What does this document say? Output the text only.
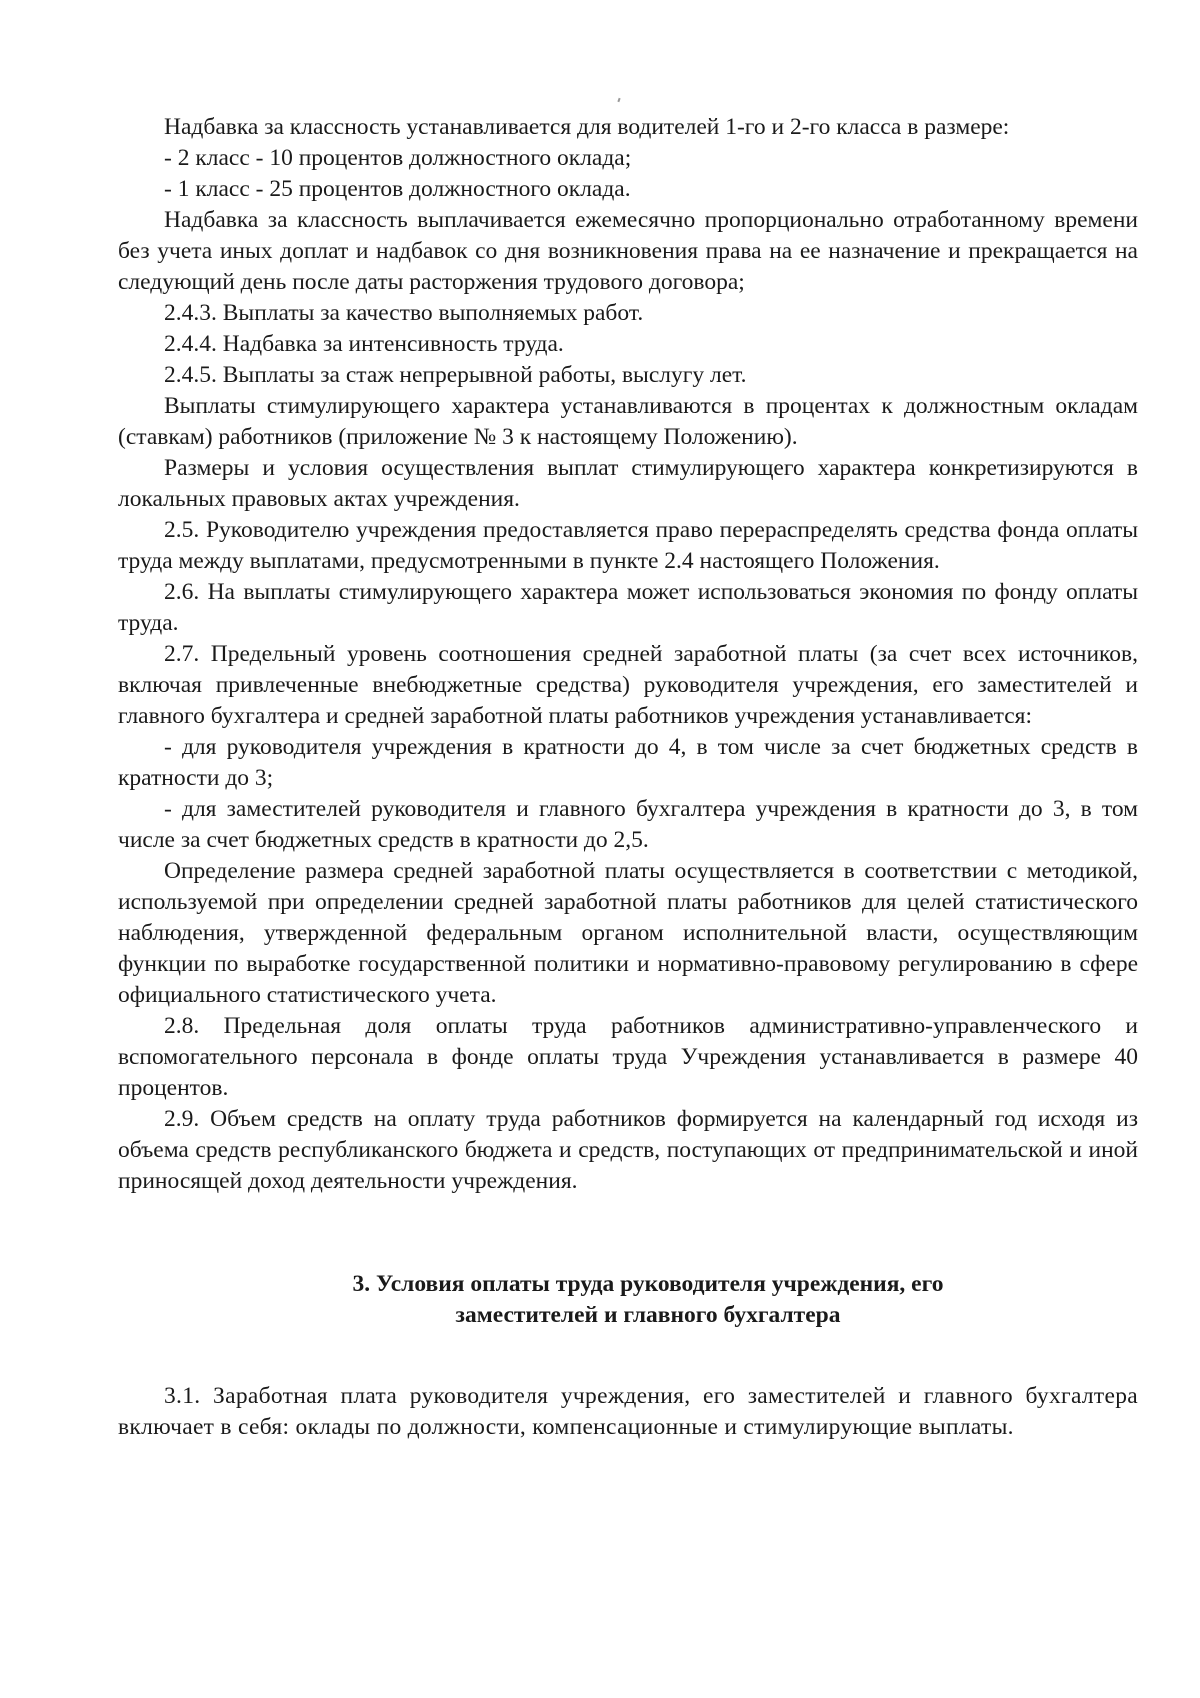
Надбавка за классность устанавливается для водителей 1-го и 2-го класса в размере:

- 2 класс - 10 процентов должностного оклада;

- 1 класс - 25 процентов должностного оклада.

Надбавка за классность выплачивается ежемесячно пропорционально отработанному времени без учета иных доплат и надбавок со дня возникновения права на ее назначение и прекращается на следующий день после даты расторжения трудового договора;

2.4.3. Выплаты за качество выполняемых работ.

2.4.4. Надбавка за интенсивность труда.

2.4.5. Выплаты за стаж непрерывной работы, выслугу лет.

Выплаты стимулирующего характера устанавливаются в процентах к должностным окладам (ставкам) работников (приложение № 3 к настоящему Положению).

Размеры и условия осуществления выплат стимулирующего характера конкретизируются в локальных правовых актах учреждения.

2.5. Руководителю учреждения предоставляется право перераспределять средства фонда оплаты труда между выплатами, предусмотренными в пункте 2.4 настоящего Положения.

2.6. На выплаты стимулирующего характера может использоваться экономия по фонду оплаты труда.

2.7. Предельный уровень соотношения средней заработной платы (за счет всех источников, включая привлеченные внебюджетные средства) руководителя учреждения, его заместителей и главного бухгалтера и средней заработной платы работников учреждения устанавливается:

- для руководителя учреждения в кратности до 4, в том числе за счет бюджетных средств в кратности до 3;

- для заместителей руководителя и главного бухгалтера учреждения в кратности до 3, в том числе за счет бюджетных средств в кратности до 2,5.

Определение размера средней заработной платы осуществляется в соответствии с методикой, используемой при определении средней заработной платы работников для целей статистического наблюдения, утвержденной федеральным органом исполнительной власти, осуществляющим функции по выработке государственной политики и нормативно-правовому регулированию в сфере официального статистического учета.

2.8. Предельная доля оплаты труда работников административно-управленческого и вспомогательного персонала в фонде оплаты труда Учреждения устанавливается в размере 40 процентов.

2.9. Объем средств на оплату труда работников формируется на календарный год исходя из объема средств республиканского бюджета и средств, поступающих от предпринимательской и иной приносящей доход деятельности учреждения.

3. Условия оплаты труда руководителя учреждения, его

заместителей и главного бухгалтера

3.1. Заработная плата руководителя учреждения, его заместителей и главного бухгалтера включает в себя: оклады по должности, компенсационные и стимулирующие выплаты.
